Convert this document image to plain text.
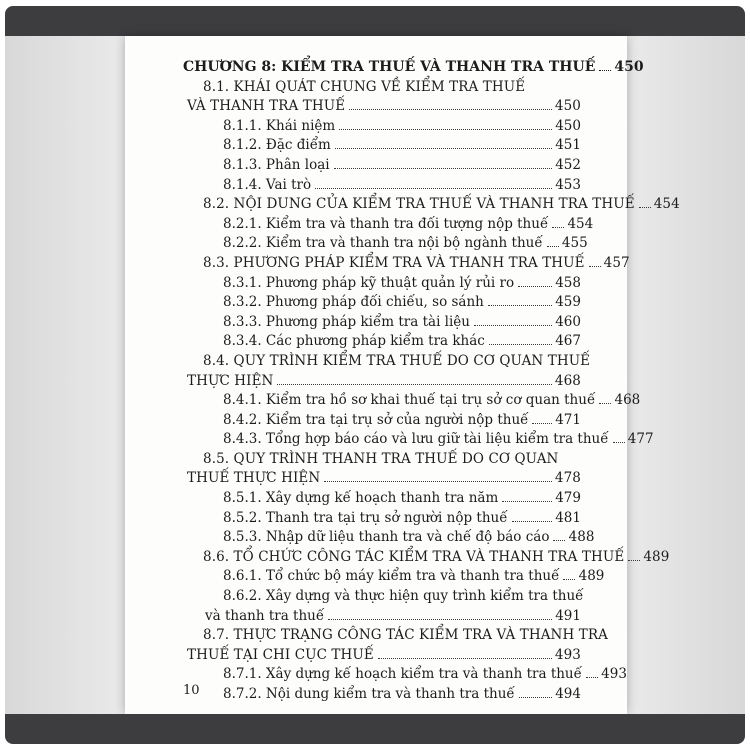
CHƯƠNG 8: KIỂM TRA THUẾ VÀ THANH TRA THUẾ 450
8.1. KHÁI QUÁT CHUNG VỀ KIỂM TRA THUẾ
VÀ THANH TRA THUẾ	450
8.1.1. Khái niệm	450
8.1.2. Đặc điểm	451
8.1.3. Phân loại	452
8.1.4. Vai trò	453
8.2. NỘI DUNG CỦA KIỂM TRA THUẾ VÀ THANH TRA THUẾ 454
8.2.1. Kiểm tra và thanh tra đối tượng nộp thuế 454
8.2.2. Kiểm tra và thanh tra nội bộ ngành thuế 455
8.3. PHƯƠNG PHÁP KIỂM TRA VÀ THANH TRA THUẾ 457
8.3.1. Phương pháp kỹ thuật quản lý rủi ro	458
8.3.2. Phương pháp đối chiếu, so sánh	459
8.3.3. Phương pháp kiểm tra tài liệu	460
8.3.4. Các phương pháp kiểm tra khác	467
8.4. QUY TRÌNH KIỂM TRA THUẾ DO CƠ QUAN THUẾ
THỰC HIỆN	468
8.4.1. Kiểm tra hồ sơ khai thuế tại trụ sở cơ quan thuế 468
8.4.2. Kiểm tra tại trụ sở của người nộp thuế 471
8.4.3. Tổng hợp báo cáo và lưu giữ tài liệu kiểm tra thuế 477
8.5. QUY TRÌNH THANH TRA THUẾ DO CƠ QUAN
THUẾ THỰC HIỆN	478
8.5.1. Xây dựng kế hoạch thanh tra năm	479
8.5.2. Thanh tra tại trụ sở người nộp thuế	481
8.5.3. Nhập dữ liệu thanh tra và chế độ báo cáo 488
8.6. TỔ CHỨC CÔNG TÁC KIỂM TRA VÀ THANH TRA THUẾ 489
8.6.1. Tổ chức bộ máy kiểm tra và thanh tra thuế 489
8.6.2. Xây dựng và thực hiện quy trình kiểm tra thuế
và thanh tra thuế	491
8.7. THỰC TRẠNG CÔNG TÁC KIỂM TRA VÀ THANH TRA
THUẾ TẠI CHI CỤC THUẾ	493
8.7.1. Xây dựng kế hoạch kiểm tra và thanh tra thuế 493
8.7.2. Nội dung kiểm tra và thanh tra thuế	494
10
